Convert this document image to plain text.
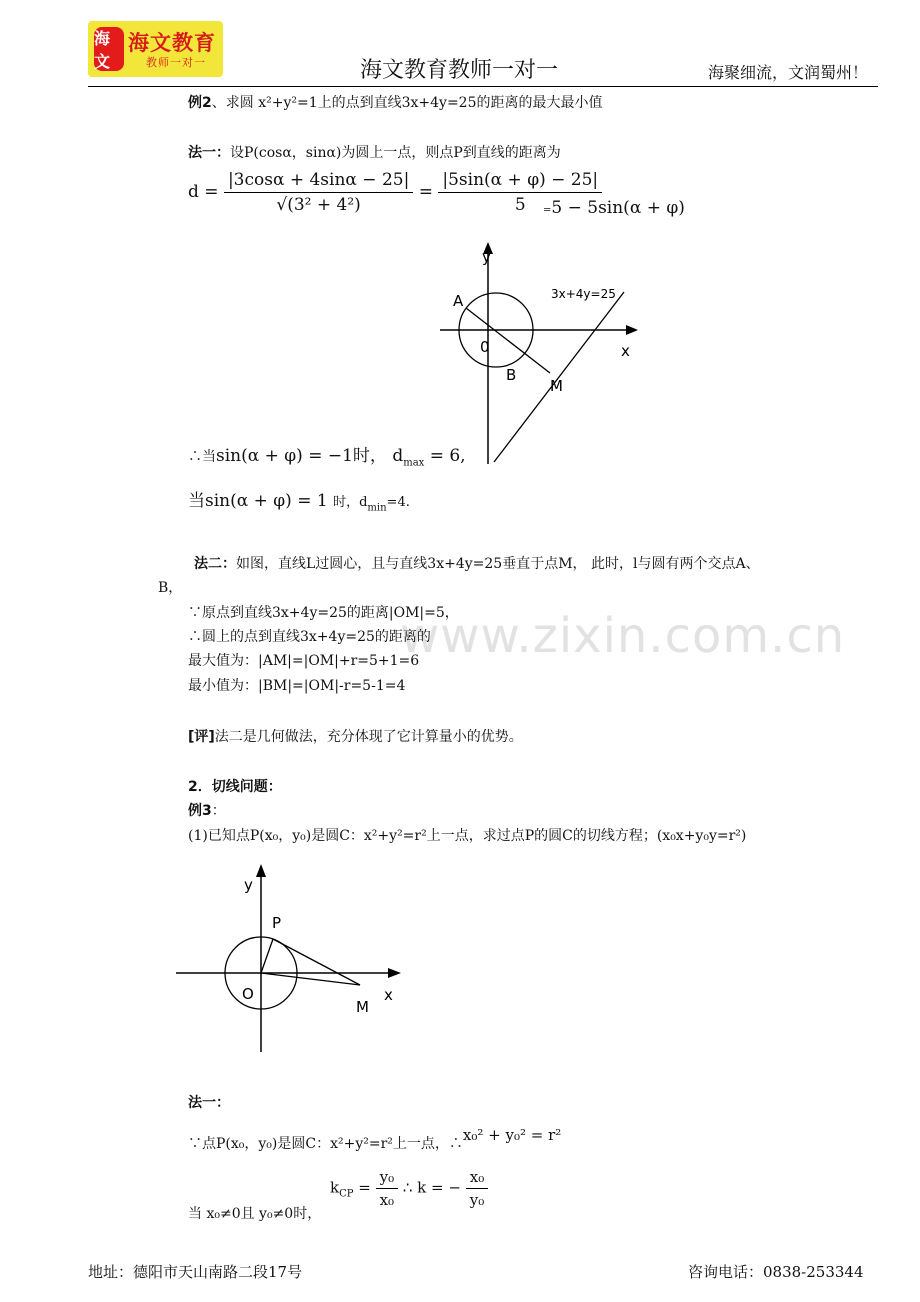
海文
海文教育
教师一对一	海文教育教师一对一	海聚细流，文润蜀州！
www.zixin.com.cn
例2、求圆 x²+y²=1上的点到直线3x+4y=25的距离的最大最小值
法一：设P(cosα，sinα)为圆上一点，则点P到直线的距离为
$d = \frac{|3\cos\alpha + 4\sin\alpha - 25|}{\text{√(3² + 4²)}} = \frac{|5\sin(\alpha + \varphi) - 25|}{5}$
=5 − 5sin(α + φ)
y
x
3x+4y=25
A
0
B
M
∴当sin(α + φ) = −1时， $d_{max} = 6$,
当sin(α + φ) = 1 时，$d_{min}=4$.
法二：如图，直线L过圆心，且与直线3x+4y=25垂直于点M， 此时，l与圆有两个交点A、
B，
∵原点到直线3x+4y=25的距离|OM|=5，
∴圆上的点到直线3x+4y=25的距离的
最大值为：|AM|=|OM|+r=5+1=6
最小值为：|BM|=|OM|-r=5-1=4
[评]法二是几何做法，充分体现了它计算量小的优势。
2．切线问题：
例3：
(1)已知点P(x₀，y₀)是圆C：x²+y²=r²上一点，求过点P的圆C的切线方程；(x₀x+y₀y=r²)
y
x
P
O
M
法一：
∵点P(x₀，y₀)是圆C：x²+y²=r²上一点，∴x₀² + y₀² = r²
$k_{CP} = \frac{\text{y₀}}{\text{x₀}}$ ∴ k = − $\frac{\text{x₀}}{\text{y₀}}$
当 x₀≠0且 y₀≠0时，
地址：德阳市天山南路二段17号	咨询电话：0838-253344
